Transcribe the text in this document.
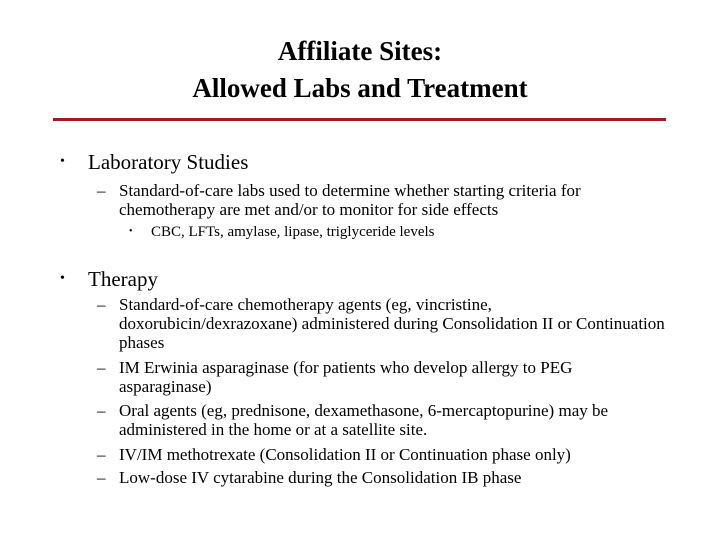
Affiliate Sites:
Allowed Labs and Treatment
• Laboratory Studies
– Standard-of-care labs used to determine whether starting criteria for chemotherapy are met and/or to monitor for side effects
• CBC, LFTs, amylase, lipase, triglyceride levels
• Therapy
– Standard-of-care chemotherapy agents (eg, vincristine, doxorubicin/dexrazoxane) administered during Consolidation II or Continuation phases
– IM Erwinia asparaginase (for patients who develop allergy to PEG asparaginase)
– Oral agents (eg, prednisone, dexamethasone, 6-mercaptopurine) may be administered in the home or at a satellite site.
– IV/IM methotrexate (Consolidation II or Continuation phase only)
– Low-dose IV cytarabine during the Consolidation IB phase
